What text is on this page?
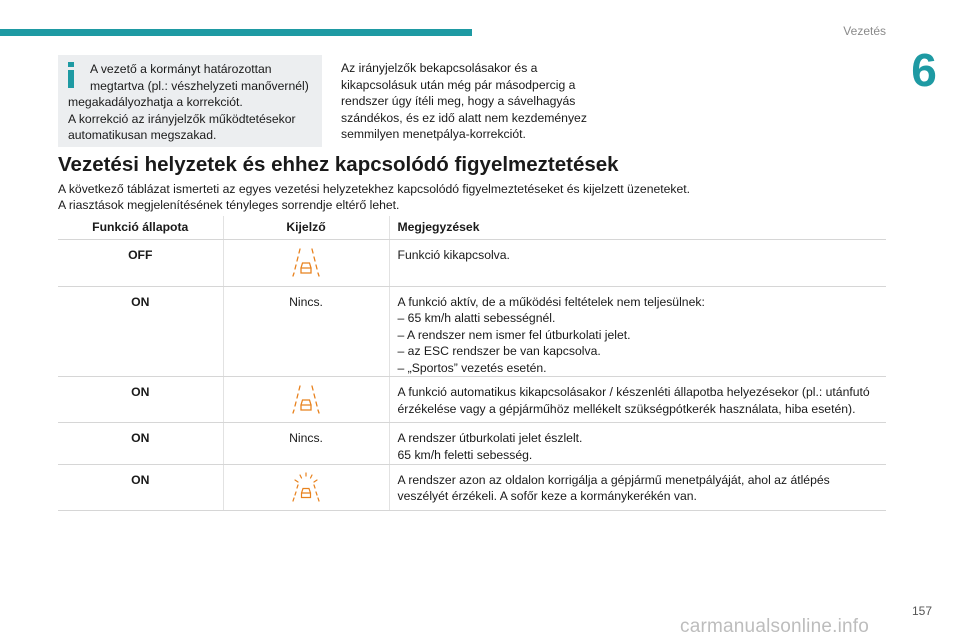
Vezetés
6
A vezető a kormányt határozottan
megtartva (pl.: vészhelyzeti manővernél)
megakadályozhatja a korrekciót.
A korrekció az irányjelzők működtetésekor
automatikusan megszakad.
Az irányjelzők bekapcsolásakor és a kikapcsolásuk után még pár másodpercig a rendszer úgy ítéli meg, hogy a sávelhagyás szándékos, és ez idő alatt nem kezdeményez semmilyen menetpálya-korrekciót.
Vezetési helyzetek és ehhez kapcsolódó figyelmeztetések
A következő táblázat ismerteti az egyes vezetési helyzetekhez kapcsolódó figyelmeztetéseket és kijelzett üzeneteket.
A riasztások megjelenítésének tényleges sorrendje eltérő lehet.
Funkció állapota	Kijelző	Megjegyzések
OFF		Funkció kikapcsolva.

ON	Nincs.	A funkció aktív, de a működési feltételek nem teljesülnek:
– 65 km/h alatti sebességnél.
– A rendszer nem ismer fel útburkolati jelet.
– az ESC rendszer be van kapcsolva.
– „Sportos” vezetés esetén.

ON		A funkció automatikus kikapcsolásakor / készenléti állapotba helyezésekor (pl.: utánfutó
érzékelése vagy a gépjárműhöz mellékelt szükségpótkerék használata, hiba esetén).

ON	Nincs.	A rendszer útburkolati jelet észlelt.
65 km/h feletti sebesség.

ON		A rendszer azon az oldalon korrigálja a gépjármű menetpályáját, ahol az átlépés
veszélyét érzékeli. A sofőr keze a kormánykerékén van.
157
carmanualsonline.info
